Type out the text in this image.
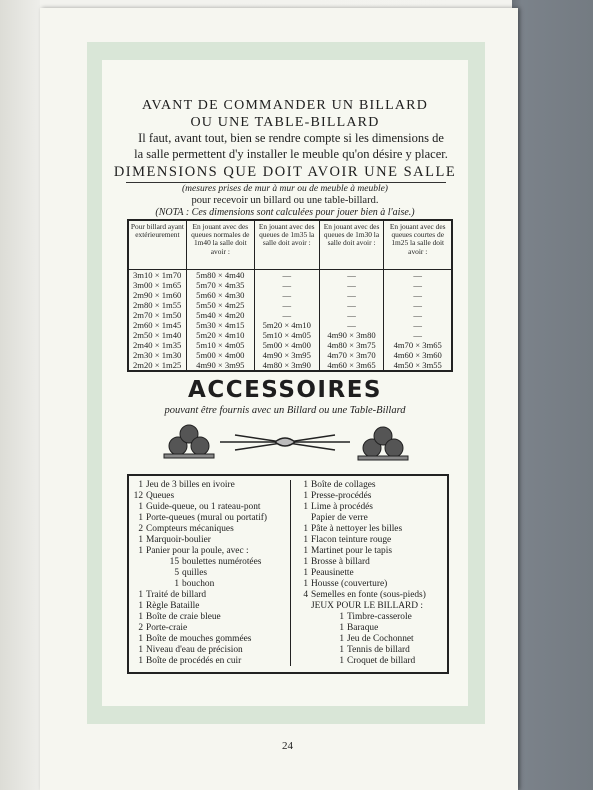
AVANT DE COMMANDER UN BILLARD
OU UNE TABLE-BILLARD
Il faut, avant tout, bien se rendre compte si les dimensions de
la salle permettent d'y installer le meuble qu'on désire y placer.
DIMENSIONS QUE DOIT AVOIR UNE SALLE
(mesures prises de mur à mur ou de meuble à meuble)
pour recevoir un billard ou une table-billard.
(NOTA : Ces dimensions sont calculées pour jouer bien à l'aise.)
Pour billard ayant extérieurement	En jouant avec des queues normales de 1m40 la salle doit avoir :	En jouant avec des queues de 1m35 la salle doit avoir :	En jouant avec des queues de 1m30 la salle doit avoir :	En jouant avec des queues courtes de 1m25 la salle doit avoir :
3m10 × 1m70	5m80 × 4m40	—	—	—
3m00 × 1m65	5m70 × 4m35	—	—	—
2m90 × 1m60	5m60 × 4m30	—	—	—
2m80 × 1m55	5m50 × 4m25	—	—	—
2m70 × 1m50	5m40 × 4m20	—	—	—
2m60 × 1m45	5m30 × 4m15	5m20 × 4m10	—	—
2m50 × 1m40	5m20 × 4m10	5m10 × 4m05	4m90 × 3m80	—
2m40 × 1m35	5m10 × 4m05	5m00 × 4m00	4m80 × 3m75	4m70 × 3m65
2m30 × 1m30	5m00 × 4m00	4m90 × 3m95	4m70 × 3m70	4m60 × 3m60
2m20 × 1m25	4m90 × 3m95	4m80 × 3m90	4m60 × 3m65	4m50 × 3m55
ACCESSOIRES
pouvant être fournis avec un Billard ou une Table-Billard
1 Jeu de 3 billes en ivoire
12 Queues
1 Guide-queue, ou 1 rateau-pont
1 Porte-queues (mural ou portatif)
2 Compteurs mécaniques
1 Marquoir-boulier
1 Panier pour la poule, avec :
15 boulettes numérotées
5 quilles
1 bouchon
1 Traité de billard
1 Règle Bataille
1 Boîte de craie bleue
2 Porte-craie
1 Boîte de mouches gommées
1 Niveau d'eau de précision
1 Boîte de procédés en cuir
1 Boîte de collages
1 Presse-procédés
1 Lime à procédés
Papier de verre
1 Pâte à nettoyer les billes
1 Flacon teinture rouge
1 Martinet pour le tapis
1 Brosse à billard
1 Peausinette
1 Housse (couverture)
4 Semelles en fonte (sous-pieds)
JEUX POUR LE BILLARD :
1 Timbre-casserole
1 Baraque
1 Jeu de Cochonnet
1 Tennis de billard
1 Croquet de billard
24
